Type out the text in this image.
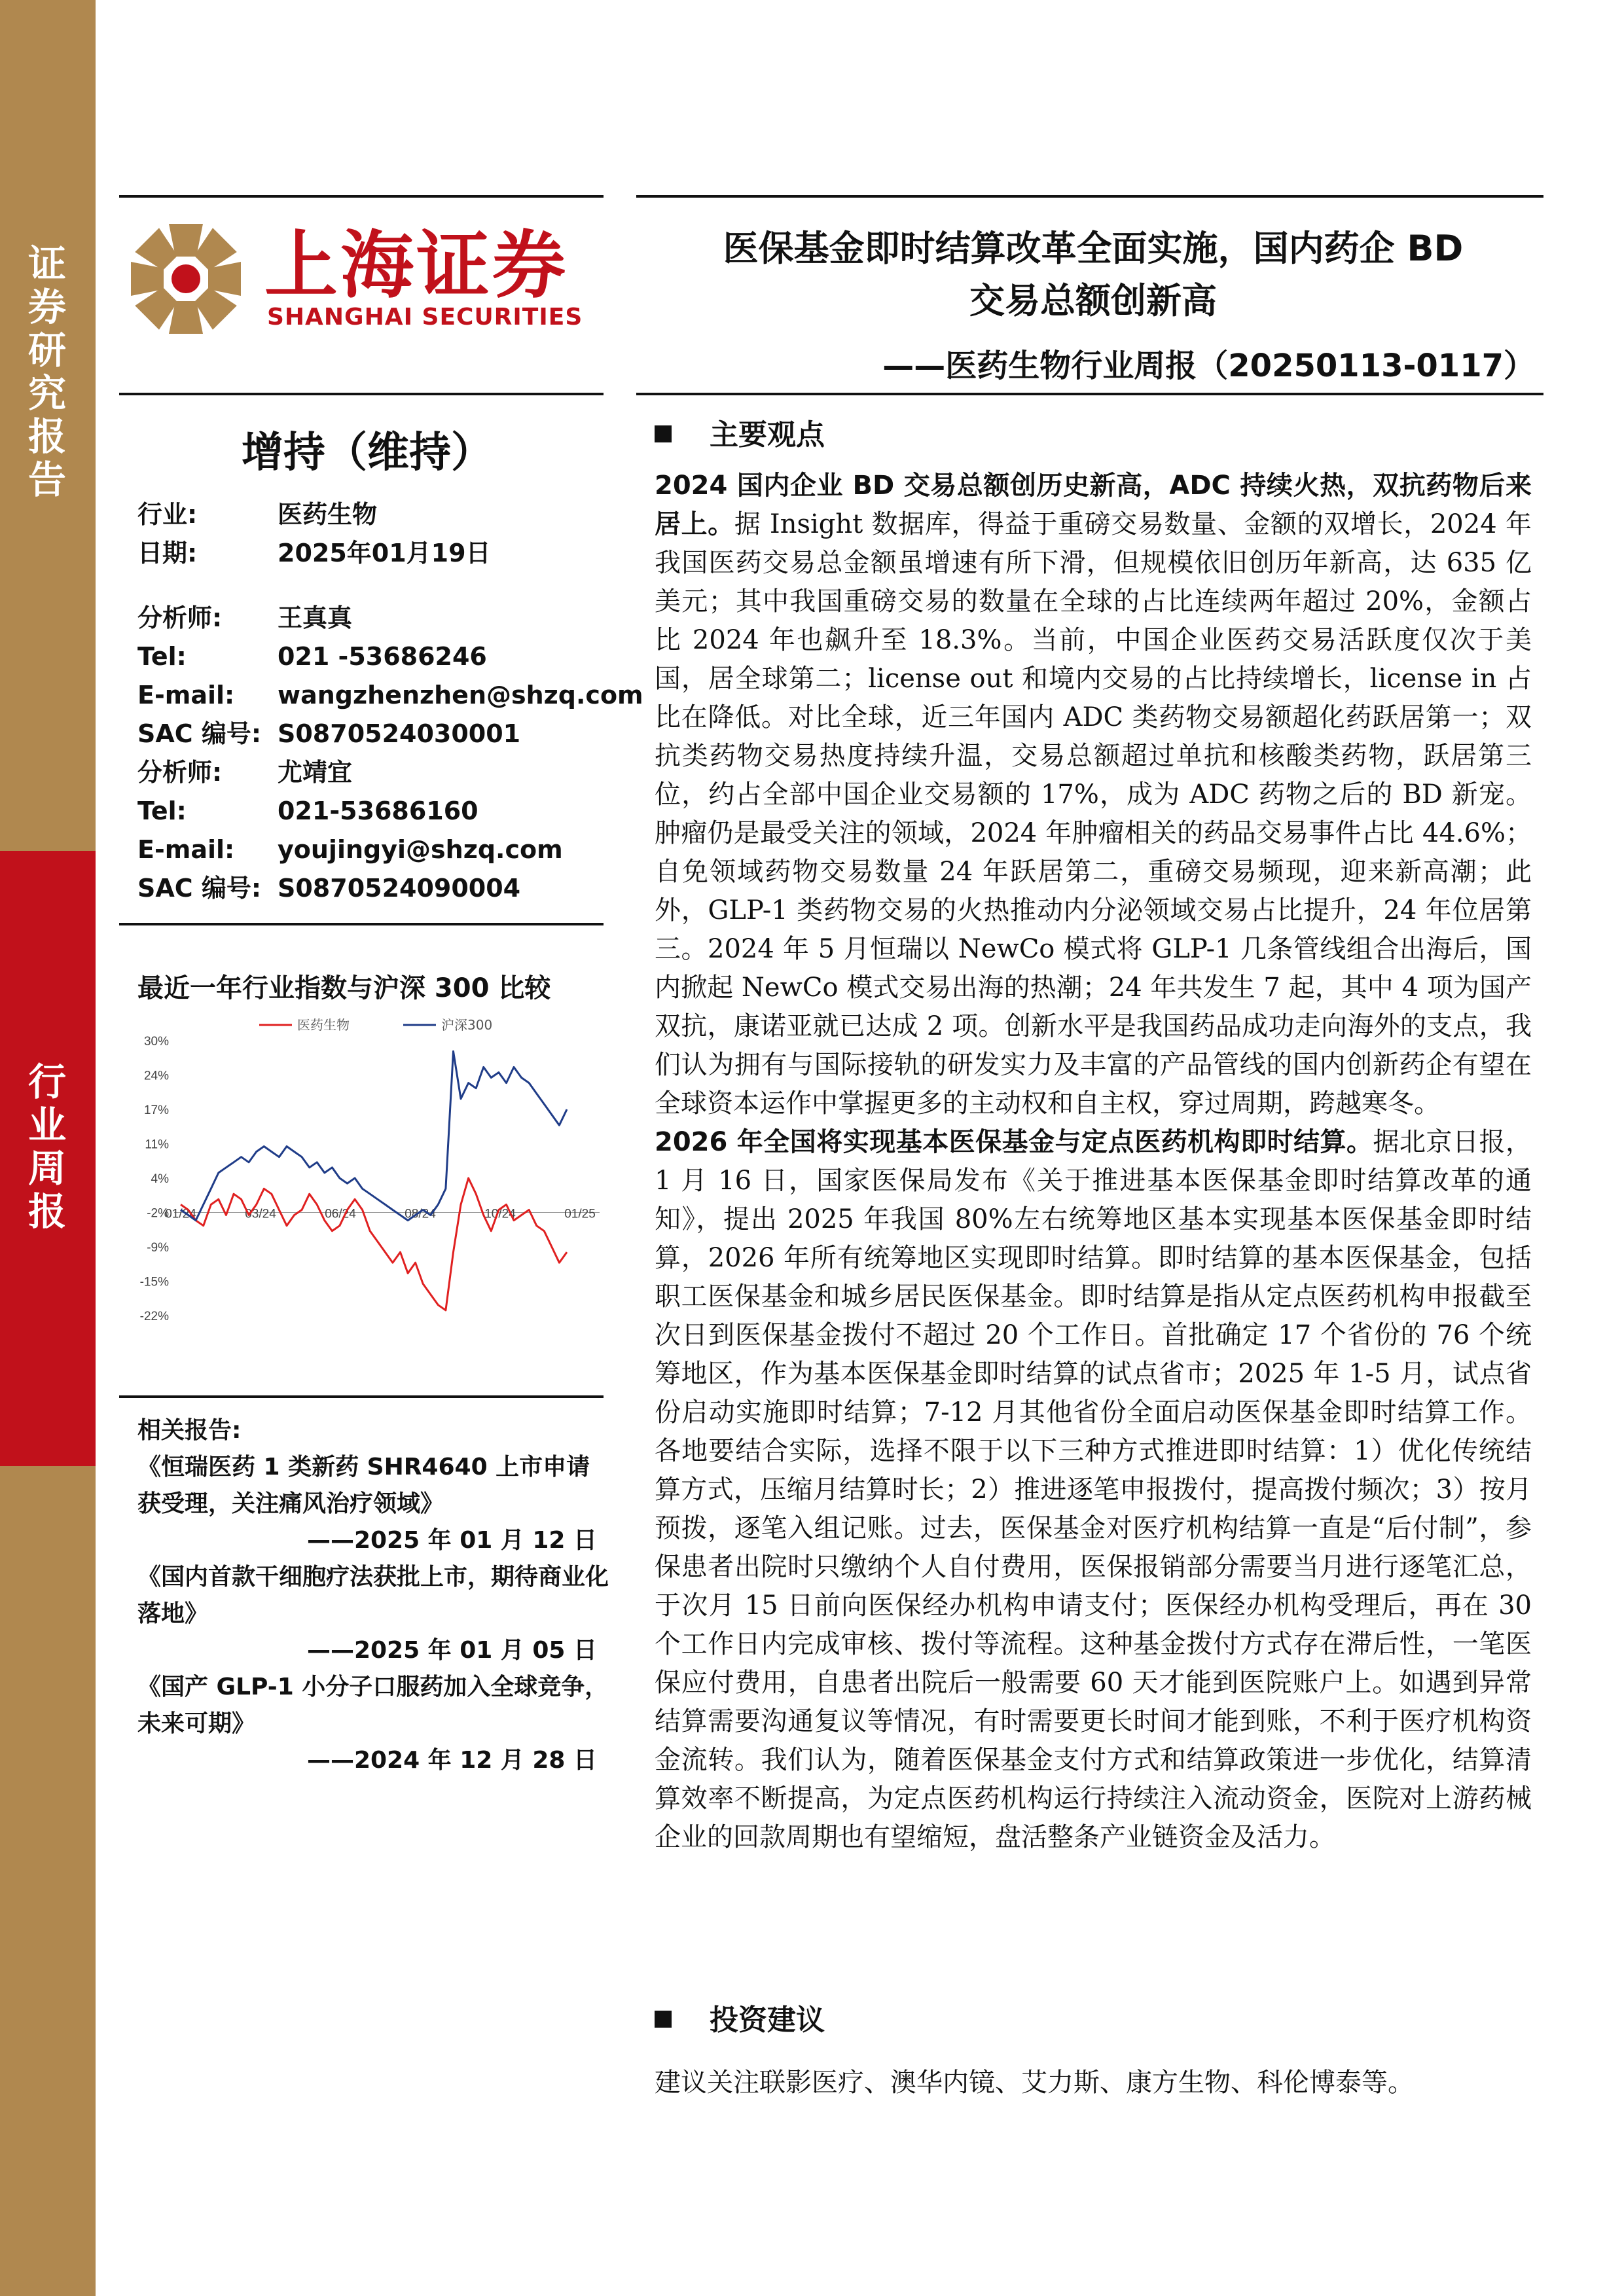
证
券
研
究
报
告
行
业
周
报
上海证券
SHANGHAI SECURITIES
医保基金即时结算改革全面实施，国内药企 BD
交易总额创新高
——医药生物行业周报（20250113-0117）
增持（维持）
行业:	医药生物
日期:	2025年01月19日
分析师: 王真真
Tel:	021 -53686246
E-mail: wangzhenzhen@shzq.com
SAC 编号: S0870524030001
分析师: 尤靖宜
Tel:	021-53686160
E-mail: youjingyi@shzq.com
SAC 编号: S0870524090004
最近一年行业指数与沪深 300 比较
30%
24%
17%
11%
4%
-2%
-9%
-15%
-22%
01/24	03/24	06/24	08/24	10/24	01/25
医药生物	沪深300
相关报告:
《恒瑞医药 1 类新药 SHR4640 上市申请获受理，关注痛风治疗领域》
——2025 年 01 月 12 日
《国内首款干细胞疗法获批上市，期待商业化落地》
——2025 年 01 月 05 日
《国产 GLP-1 小分子口服药加入全球竞争，未来可期》
——2024 年 12 月 28 日
主要观点

2024 国内企业 BD 交易总额创历史新高，ADC 持续火热，双抗药物后来居上。据 Insight 数据库，得益于重磅交易数量、金额的双增长，2024 年我国医药交易总金额虽增速有所下滑，但规模依旧创历年新高，达 635 亿美元；其中我国重磅交易的数量在全球的占比连续两年超过 20%，金额占比 2024 年也飙升至 18.3%。当前，中国企业医药交易活跃度仅次于美国，居全球第二；license out 和境内交易的占比持续增长，license in 占比在降低。对比全球，近三年国内 ADC 类药物交易额超化药跃居第一；双抗类药物交易热度持续升温，交易总额超过单抗和核酸类药物，跃居第三位，约占全部中国企业交易额的 17%，成为 ADC 药物之后的 BD 新宠。肿瘤仍是最受关注的领域，2024 年肿瘤相关的药品交易事件占比 44.6%；自免领域药物交易数量 24 年跃居第二，重磅交易频现，迎来新高潮；此外，GLP-1 类药物交易的火热推动内分泌领域交易占比提升，24 年位居第三。2024 年 5 月恒瑞以 NewCo 模式将 GLP-1 几条管线组合出海后，国内掀起 NewCo 模式交易出海的热潮；24 年共发生 7 起，其中 4 项为国产双抗，康诺亚就已达成 2 项。创新水平是我国药品成功走向海外的支点，我们认为拥有与国际接轨的研发实力及丰富的产品管线的国内创新药企有望在全球资本运作中掌握更多的主动权和自主权，穿过周期，跨越寒冬。

2026 年全国将实现基本医保基金与定点医药机构即时结算。据北京日报，1 月 16 日，国家医保局发布《关于推进基本医保基金即时结算改革的通知》，提出 2025 年我国 80%左右统筹地区基本实现基本医保基金即时结算，2026 年所有统筹地区实现即时结算。即时结算的基本医保基金，包括职工医保基金和城乡居民医保基金。即时结算是指从定点医药机构申报截至次日到医保基金拨付不超过 20 个工作日。首批确定 17 个省份的 76 个统筹地区，作为基本医保基金即时结算的试点省市；2025 年 1-5 月，试点省份启动实施即时结算；7-12 月其他省份全面启动医保基金即时结算工作。各地要结合实际，选择不限于以下三种方式推进即时结算：1）优化传统结算方式，压缩月结算时长；2）推进逐笔申报拨付，提高拨付频次；3）按月预拨，逐笔入组记账。过去，医保基金对医疗机构结算一直是“后付制”，参保患者出院时只缴纳个人自付费用，医保报销部分需要当月进行逐笔汇总，于次月 15 日前向医保经办机构申请支付；医保经办机构受理后，再在 30 个工作日内完成审核、拨付等流程。这种基金拨付方式存在滞后性，一笔医保应付费用，自患者出院后一般需要 60 天才能到医院账户上。如遇到异常结算需要沟通复议等情况，有时需要更长时间才能到账，不利于医疗机构资金流转。我们认为，随着医保基金支付方式和结算政策进一步优化，结算清算效率不断提高，为定点医药机构运行持续注入流动资金，医院对上游药械企业的回款周期也有望缩短，盘活整条产业链资金及活力。

投资建议
建议关注联影医疗、澳华内镜、艾力斯、康方生物、科伦博泰等。
